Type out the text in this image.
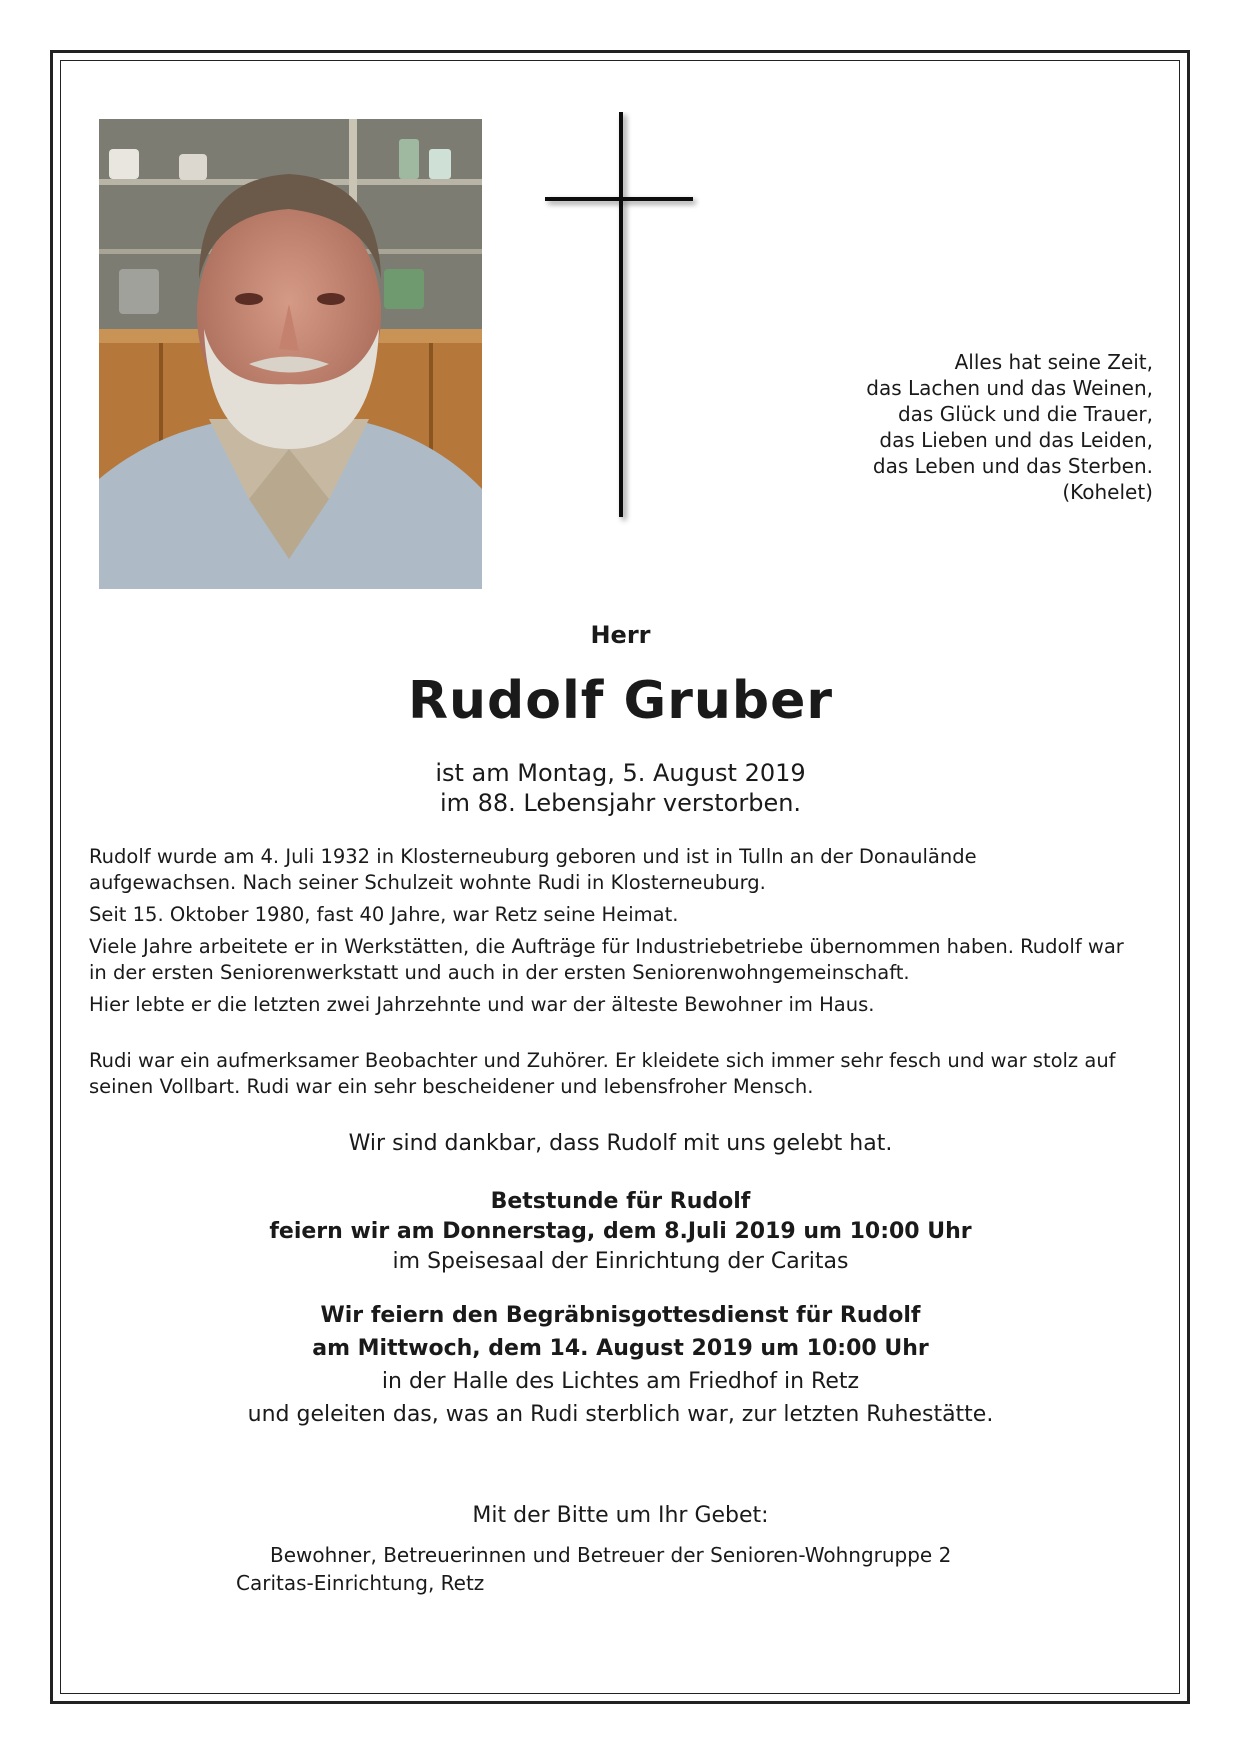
Alles hat seine Zeit,
das Lachen und das Weinen,
das Glück und die Trauer,
das Lieben und das Leiden,
das Leben und das Sterben.
(Kohelet)
Herr
Rudolf Gruber
ist am Montag, 5. August 2019
im 88. Lebensjahr verstorben.

Rudolf wurde am 4. Juli 1932 in Klosterneuburg geboren und ist in Tulln an der Donaulände
aufgewachsen. Nach seiner Schulzeit wohnte Rudi in Klosterneuburg.

Seit 15. Oktober 1980, fast 40 Jahre, war Retz seine Heimat.

Viele Jahre arbeitete er in Werkstätten, die Aufträge für Industriebetriebe übernommen haben. Rudolf war
in der ersten Seniorenwerkstatt und auch in der ersten Seniorenwohngemeinschaft.

Hier lebte er die letzten zwei Jahrzehnte und war der älteste Bewohner im Haus.

Rudi war ein aufmerksamer Beobachter und Zuhörer. Er kleidete sich immer sehr fesch und war stolz auf
seinen Vollbart. Rudi war ein sehr bescheidener und lebensfroher Mensch.

Wir sind dankbar, dass Rudolf mit uns gelebt hat.
Betstunde für Rudolf
feiern wir am Donnerstag, dem 8.Juli 2019 um 10:00 Uhr
im Speisesaal der Einrichtung der Caritas
Wir feiern den Begräbnisgottesdienst für Rudolf
am Mittwoch, dem 14. August 2019 um 10:00 Uhr
in der Halle des Lichtes am Friedhof in Retz
und geleiten das, was an Rudi sterblich war, zur letzten Ruhestätte.
Mit der Bitte um Ihr Gebet:
Bewohner, Betreuerinnen und Betreuer der Senioren-Wohngruppe 2
Caritas-Einrichtung, Retz
